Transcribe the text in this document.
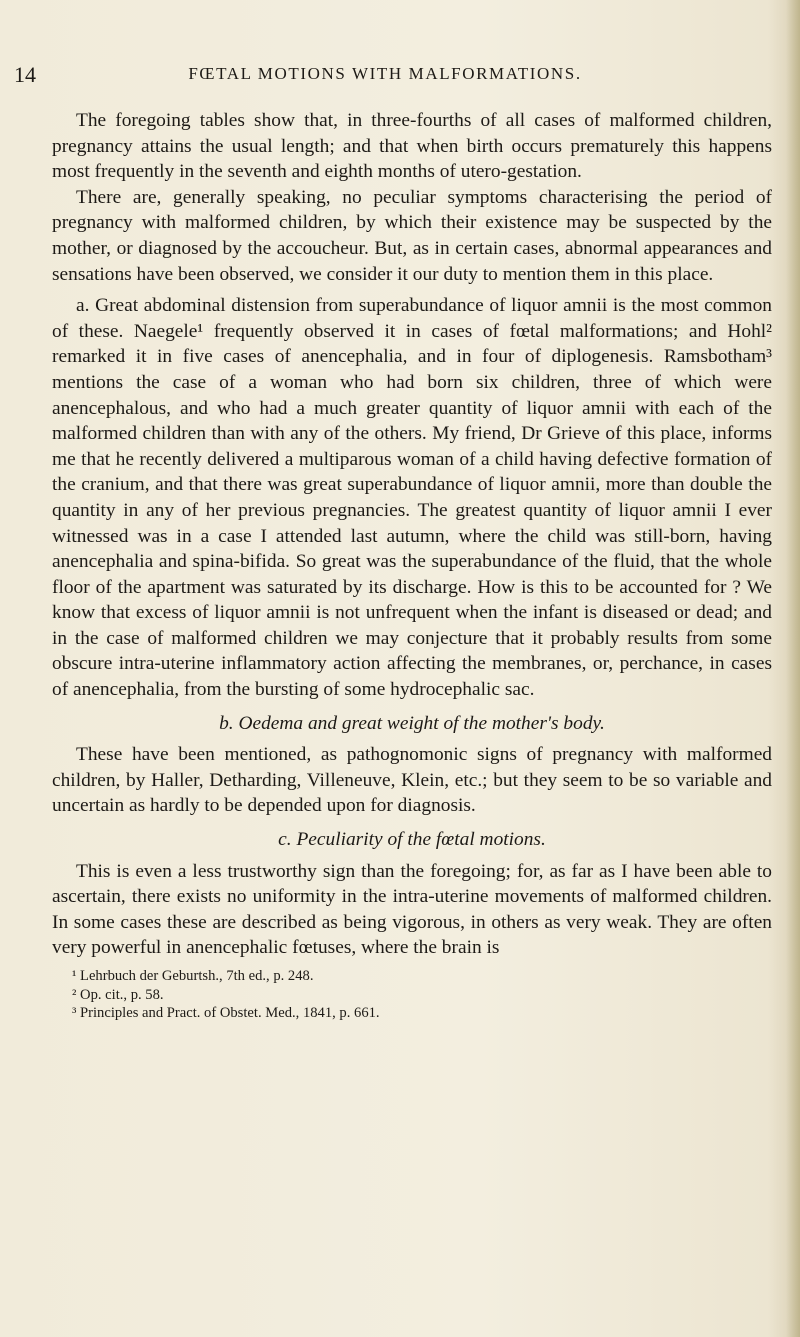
14	FŒTAL MOTIONS WITH MALFORMATIONS.

The foregoing tables show that, in three-fourths of all cases of malformed children, pregnancy attains the usual length; and that when birth occurs prematurely this happens most frequently in the seventh and eighth months of utero-gestation.

There are, generally speaking, no peculiar symptoms characterising the period of pregnancy with malformed children, by which their existence may be suspected by the mother, or diagnosed by the accoucheur. But, as in certain cases, abnormal appearances and sensations have been observed, we consider it our duty to mention them in this place.

a. Great abdominal distension from superabundance of liquor amnii is the most common of these. Naegele¹ frequently observed it in cases of fœtal malformations; and Hohl² remarked it in five cases of anencephalia, and in four of diplogenesis. Ramsbotham³ mentions the case of a woman who had born six children, three of which were anencephalous, and who had a much greater quantity of liquor amnii with each of the malformed children than with any of the others. My friend, Dr Grieve of this place, informs me that he recently delivered a multiparous woman of a child having defective formation of the cranium, and that there was great superabundance of liquor amnii, more than double the quantity in any of her previous pregnancies. The greatest quantity of liquor amnii I ever witnessed was in a case I attended last autumn, where the child was still-born, having anencephalia and spina-bifida. So great was the superabundance of the fluid, that the whole floor of the apartment was saturated by its discharge. How is this to be accounted for ? We know that excess of liquor amnii is not unfrequent when the infant is diseased or dead; and in the case of malformed children we may conjecture that it probably results from some obscure intra-uterine inflammatory action affecting the membranes, or, perchance, in cases of anencephalia, from the bursting of some hydrocephalic sac.

b. Oedema and great weight of the mother's body.

These have been mentioned, as pathognomonic signs of pregnancy with malformed children, by Haller, Detharding, Villeneuve, Klein, etc.; but they seem to be so variable and uncertain as hardly to be depended upon for diagnosis.

c. Peculiarity of the fœtal motions.

This is even a less trustworthy sign than the foregoing; for, as far as I have been able to ascertain, there exists no uniformity in the intra-uterine movements of malformed children. In some cases these are described as being vigorous, in others as very weak. They are often very powerful in anencephalic fœtuses, where the brain is

¹ Lehrbuch der Geburtsh., 7th ed., p. 248.
² Op. cit., p. 58.
³ Principles and Pract. of Obstet. Med., 1841, p. 661.
